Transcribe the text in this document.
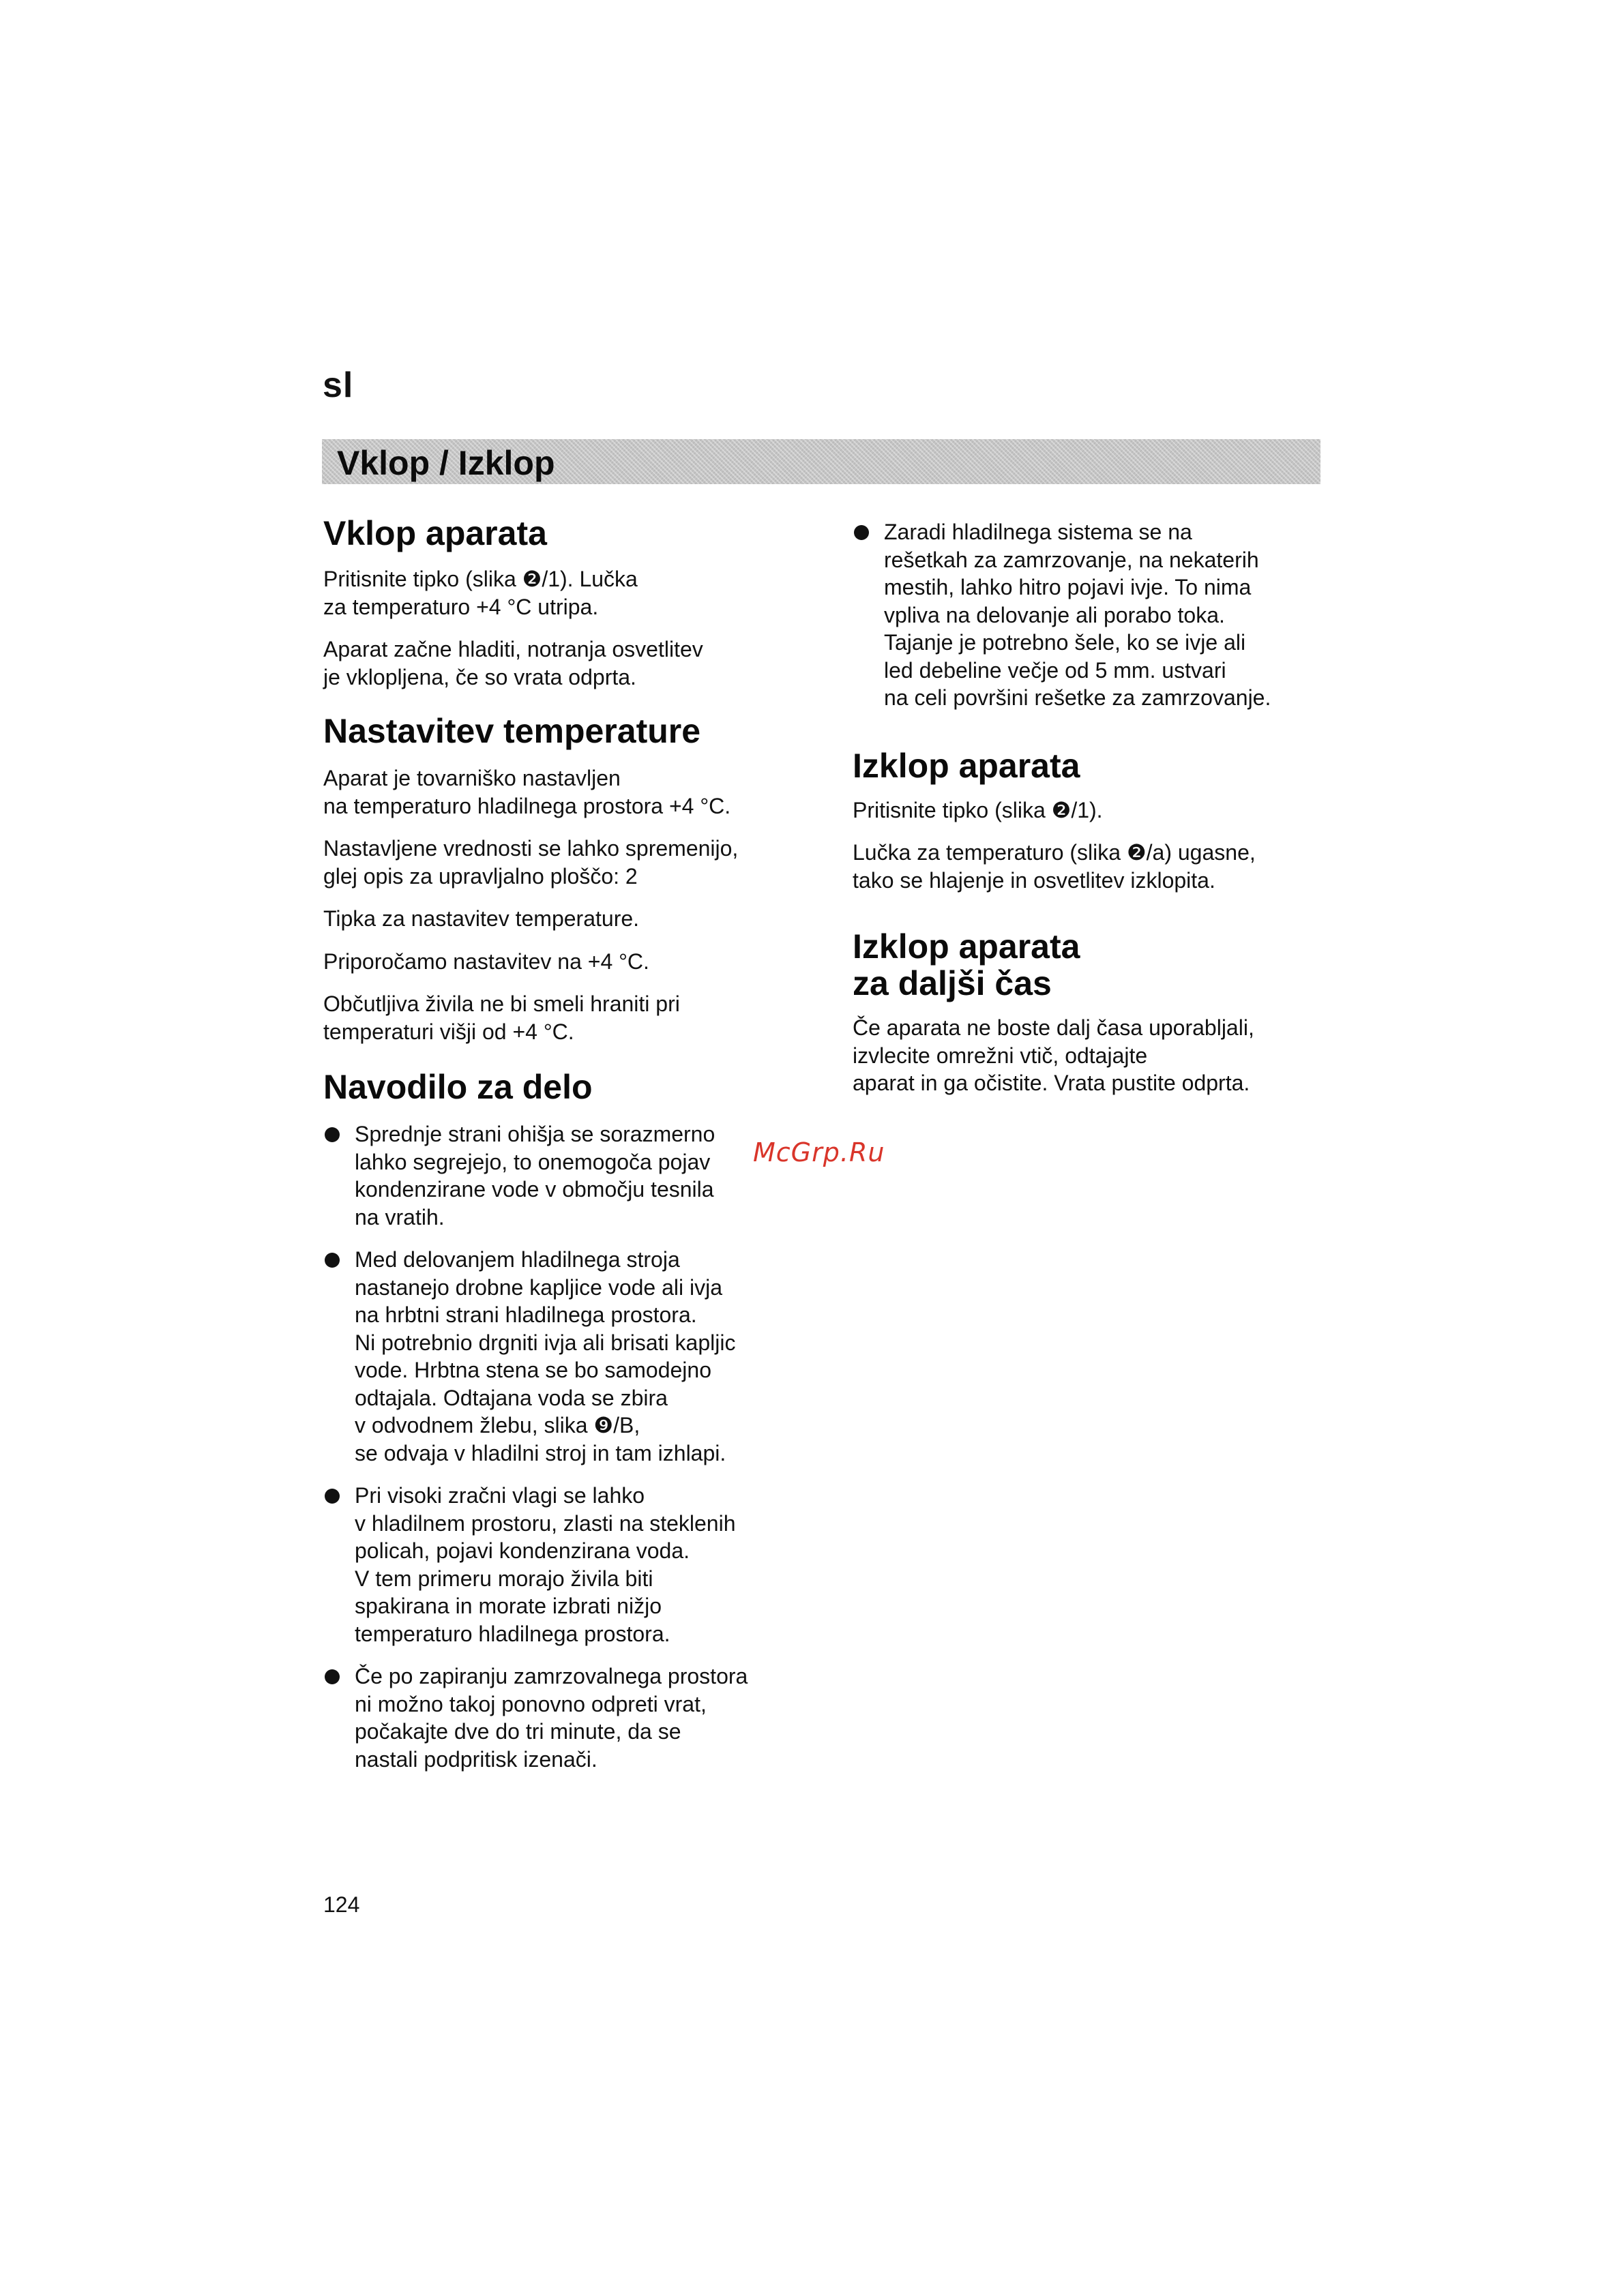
sl
Vklop / Izklop
Vklop aparata

Pritisnite tipko (slika ❷/1). Lučka
za temperaturo +4 °C utripa.

Aparat začne hladiti, notranja osvetlitev
je vklopljena, če so vrata odprta.

Nastavitev temperature

Aparat je tovarniško nastavljen
na temperaturo hladilnega prostora +4 °C.

Nastavljene vrednosti se lahko spremenijo,
glej opis za upravljalno ploščo: 2

Tipka za nastavitev temperature.

Priporočamo nastavitev na +4 °C.

Občutljiva živila ne bi smeli hraniti pri
temperaturi višji od +4 °C.

Navodilo za delo
Sprednje strani ohišja se sorazmerno
lahko segrejejo, to onemogoča pojav
kondenzirane vode v območju tesnila
na vratih.
Med delovanjem hladilnega stroja
nastanejo drobne kapljice vode ali ivja
na hrbtni strani hladilnega prostora.
Ni potrebnio drgniti ivja ali brisati kapljic
vode. Hrbtna stena se bo samodejno
odtajala. Odtajana voda se zbira
v odvodnem žlebu, slika ❾/B,
se odvaja v hladilni stroj in tam izhlapi.
Pri visoki zračni vlagi se lahko
v hladilnem prostoru, zlasti na steklenih
policah, pojavi kondenzirana voda.
V tem primeru morajo živila biti
spakirana in morate izbrati nižjo
temperaturo hladilnega prostora.
Če po zapiranju zamrzovalnega prostora
ni možno takoj ponovno odpreti vrat,
počakajte dve do tri minute, da se
nastali podpritisk izenači.
Zaradi hladilnega sistema se na
rešetkah za zamrzovanje, na nekaterih
mestih, lahko hitro pojavi ivje. To nima
vpliva na delovanje ali porabo toka.
Tajanje je potrebno šele, ko se ivje ali
led debeline večje od 5 mm. ustvari
na celi površini rešetke za zamrzovanje.
Izklop aparata

Pritisnite tipko (slika ❷/1).

Lučka za temperaturo (slika ❷/a) ugasne,
tako se hlajenje in osvetlitev izklopita.

Izklop aparata
za daljši čas

Če aparata ne boste dalj časa uporabljali,
izvlecite omrežni vtič, odtajajte
aparat in ga očistite. Vrata pustite odprta.

McGrp.Ru
124
